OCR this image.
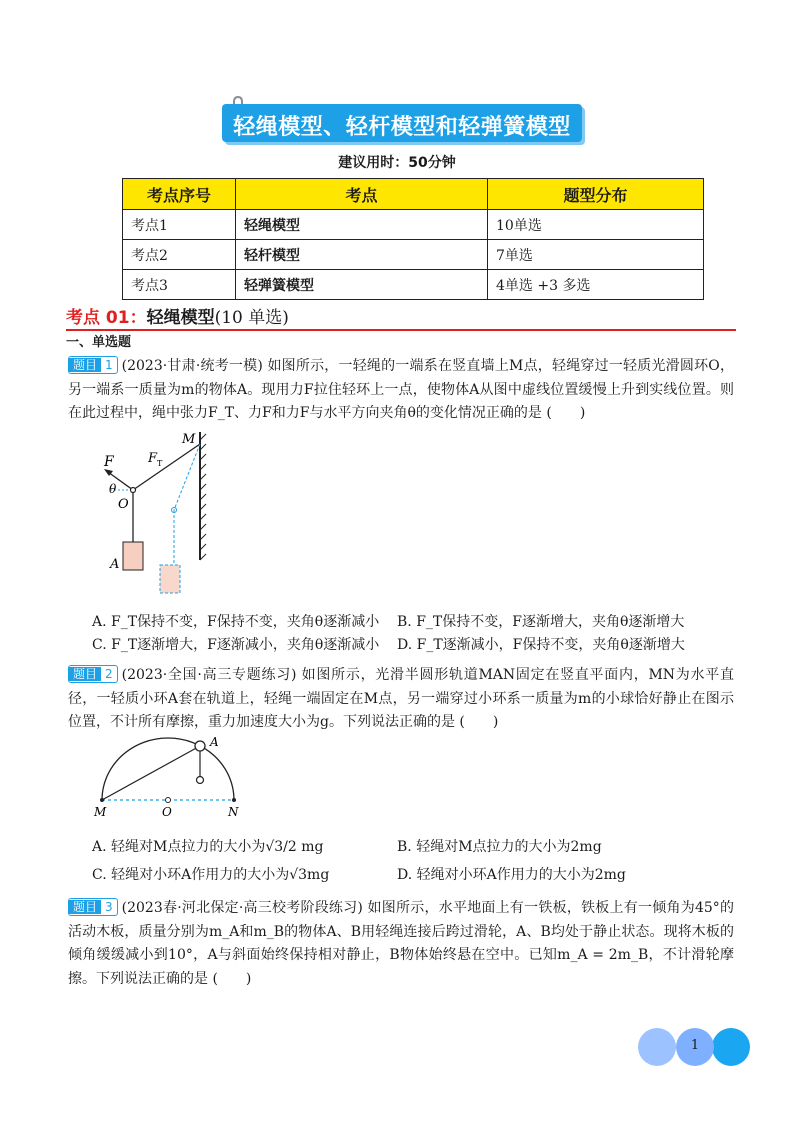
轻绳模型、轻杆模型和轻弹簧模型
建议用时：50分钟
考点序号	考点	题型分布
考点1	轻绳模型	10单选
考点2	轻杆模型	7单选
考点3	轻弹簧模型	4单选 +3 多选
考点 01：轻绳模型(10 单选)
一、单选题
题目 1 (2023·甘肃·统考一模) 如图所示，一轻绳的一端系在竖直墙上M点，轻绳穿过一轻质光滑圆环O，另一端系一质量为m的物体A。现用力F拉住轻环上一点，使物体A从图中虚线位置缓慢上升到实线位置。则在此过程中，绳中张力F_T、力F和力F与水平方向夹角θ的变化情况正确的是 (　　)
F	F T
M
θ
O
A
A. F_T保持不变，F保持不变，夹角θ逐渐减小 B. F_T保持不变，F逐渐增大，夹角θ逐渐增大
C. F_T逐渐增大，F逐渐减小，夹角θ逐渐减小 D. F_T逐渐减小，F保持不变，夹角θ逐渐增大
题目 2 (2023·全国·高三专题练习) 如图所示，光滑半圆形轨道MAN固定在竖直平面内，MN为水平直径，一轻质小环A套在轨道上，轻绳一端固定在M点，另一端穿过小环系一质量为m的小球恰好静止在图示位置，不计所有摩擦，重力加速度大小为g。下列说法正确的是 (　　)
A
M	O	N
A. 轻绳对M点拉力的大小为√3/2 mg	B. 轻绳对M点拉力的大小为2mg
C. 轻绳对小环A作用力的大小为√3mg	D. 轻绳对小环A作用力的大小为2mg
题目 3 (2023春·河北保定·高三校考阶段练习) 如图所示，水平地面上有一铁板，铁板上有一倾角为45°的活动木板，质量分别为m_A和m_B的物体A、B用轻绳连接后跨过滑轮，A、B均处于静止状态。现将木板的倾角缓缓减小到10°，A与斜面始终保持相对静止，B物体始终悬在空中。已知m_A = 2m_B，不计滑轮摩擦。下列说法正确的是 (　　)
1
